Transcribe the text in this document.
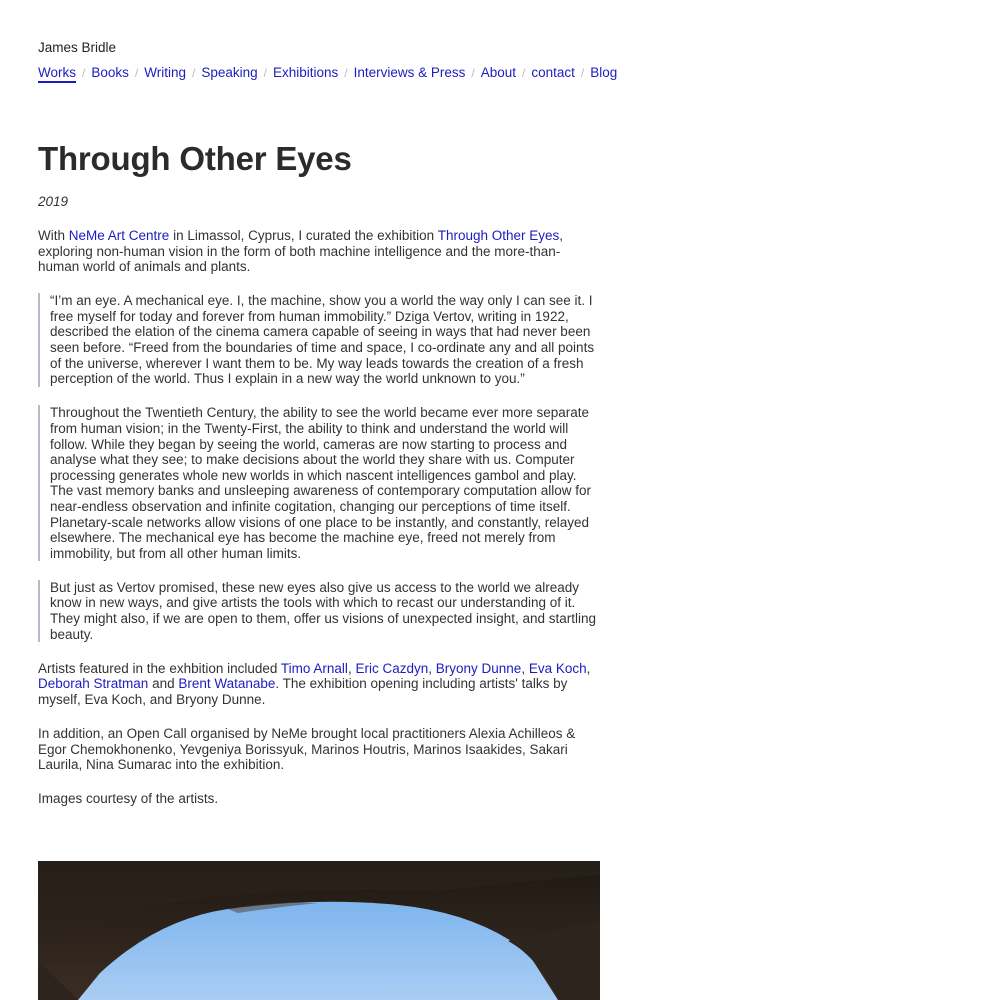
James Bridle
Works / Books / Writing / Speaking / Exhibitions / Interviews & Press / About / contact / Blog
Through Other Eyes
2019

With NeMe Art Centre in Limassol, Cyprus, I curated the exhibition Through Other Eyes, exploring non-human vision in the form of both machine intelligence and the more-than-human world of animals and plants.

“I’m an eye. A mechanical eye. I, the machine, show you a world the way only I can see it. I free myself for today and forever from human immobility.” Dziga Vertov, writing in 1922, described the elation of the cinema camera capable of seeing in ways that had never been seen before. “Freed from the boundaries of time and space, I co-ordinate any and all points of the universe, wherever I want them to be. My way leads towards the creation of a fresh perception of the world. Thus I explain in a new way the world unknown to you.”
Throughout the Twentieth Century, the ability to see the world became ever more separate from human vision; in the Twenty-First, the ability to think and understand the world will follow. While they began by seeing the world, cameras are now starting to process and analyse what they see; to make decisions about the world they share with us. Computer processing generates whole new worlds in which nascent intelligences gambol and play. The vast memory banks and unsleeping awareness of contemporary computation allow for near-endless observation and infinite cogitation, changing our perceptions of time itself. Planetary-scale networks allow visions of one place to be instantly, and constantly, relayed elsewhere. The mechanical eye has become the machine eye, freed not merely from immobility, but from all other human limits.
But just as Vertov promised, these new eyes also give us access to the world we already know in new ways, and give artists the tools with which to recast our understanding of it. They might also, if we are open to them, offer us visions of unexpected insight, and startling beauty.

Artists featured in the exhbition included Timo Arnall, Eric Cazdyn, Bryony Dunne, Eva Koch, Deborah Stratman and Brent Watanabe. The exhibition opening including artists' talks by myself, Eva Koch, and Bryony Dunne.

In addition, an Open Call organised by NeMe brought local practitioners Alexia Achilleos & Egor Chemokhonenko, Yevgeniya Borissyuk, Marinos Houtris, Marinos Isaakides, Sakari Laurila, Nina Sumarac into the exhibition.

Images courtesy of the artists.
